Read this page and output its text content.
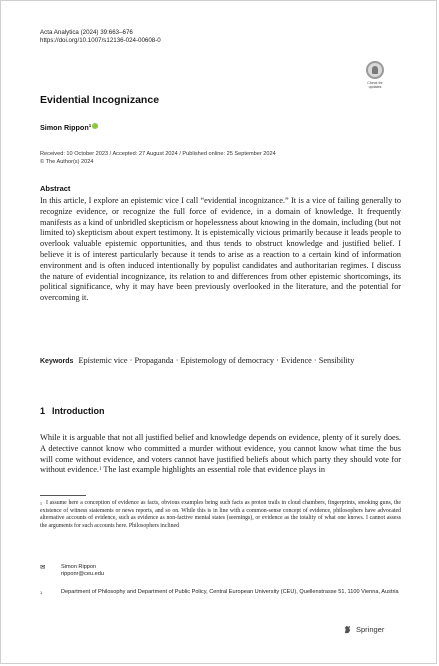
Acta Analytica (2024) 39:663–676
https://doi.org/10.1007/s12136-024-00608-0
Check for
updates
Evidential Incognizance
Simon Rippon$^1$
Received: 10 October 2023 / Accepted: 27 August 2024 / Published online: 25 September 2024
© The Author(s) 2024
Abstract
In this article, I explore an epistemic vice I call “evidential incognizance.” It is a vice of failing generally to recognize evidence, or recognize the full force of evidence, in a domain of knowledge. It frequently manifests as a kind of unbridled skepticism or hopelessness about knowing in the domain, including (but not limited to) skepticism about expert testimony. It is epistemically vicious primarily because it leads people to overlook valuable epistemic opportunities, and thus tends to obstruct knowledge and justified belief. I believe it is of interest particularly because it tends to arise as a reaction to a certain kind of information environment and is often induced intentionally by populist candidates and authoritarian regimes. I discuss the nature of evidential incognizance, its relation to and differences from other epistemic shortcomings, its political significance, why it may have been previously overlooked in the literature, and the potential for overcoming it.
Keywords Epistemic vice · Propaganda · Epistemology of democracy · Evidence · Sensibility
1 Introduction
While it is arguable that not all justified belief and knowledge depends on evidence, plenty of it surely does. A detective cannot know who committed a murder without evidence, you cannot know what time the bus will come without evidence, and voters cannot have justified beliefs about which party they should vote for without evidence.$^1$ The last example highlights an essential role that evidence plays in
$^1$ I assume here a conception of evidence as facts, obvious examples being such facts as proton trails in cloud chambers, fingerprints, smoking guns, the existence of witness statements or news reports, and so on. While this is in line with a common-sense concept of evidence, philosophers have advocated alternative accounts of evidence, such as evidence as non-factive mental states (seemings), or evidence as the totality of what one knows. I cannot assess the arguments for such accounts here. Philosophers inclined
✉	Simon Rippon
ripponr@ceu.edu
1	Department of Philosophy and Department of Public Policy, Central European University (CEU), Quellenstrasse 51, 1100 Vienna, Austria
Springer
